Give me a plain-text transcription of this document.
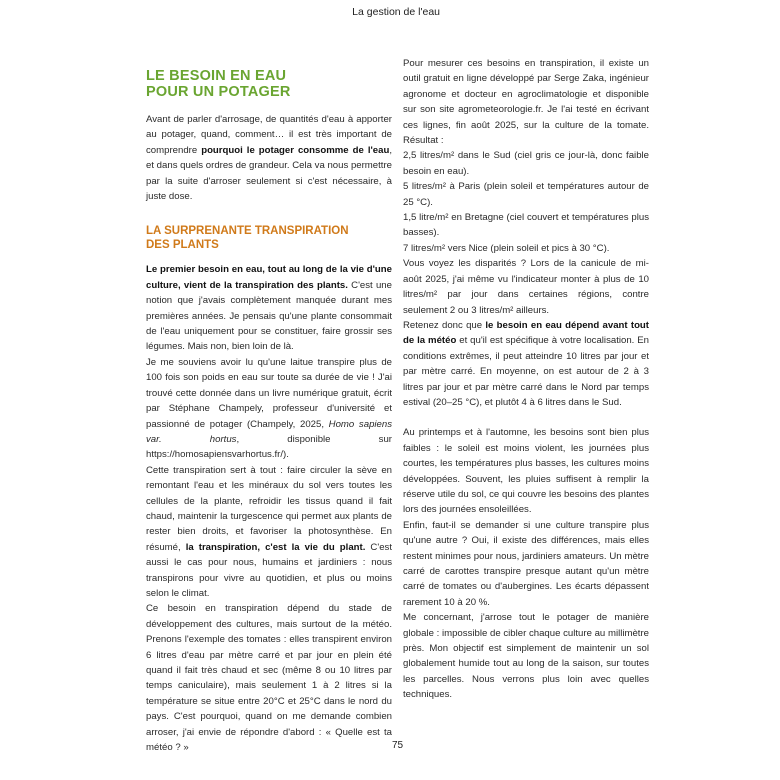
La gestion de l'eau
LE BESOIN EN EAU
POUR UN POTAGER

Avant de parler d'arrosage, de quantités d'eau à apporter au potager, quand, comment… il est très important de comprendre pourquoi le potager consomme de l'eau, et dans quels ordres de grandeur. Cela va nous permettre par la suite d'arroser seulement si c'est nécessaire, à juste dose.

LA SURPRENANTE TRANSPIRATION
DES PLANTS

Le premier besoin en eau, tout au long de la vie d'une culture, vient de la transpiration des plants. C'est une notion que j'avais complètement manquée durant mes premières années. Je pensais qu'une plante consommait de l'eau uniquement pour se constituer, faire grossir ses légumes. Mais non, bien loin de là.

Je me souviens avoir lu qu'une laitue transpire plus de 100 fois son poids en eau sur toute sa durée de vie ! J'ai trouvé cette donnée dans un livre numérique gratuit, écrit par Stéphane Champely, professeur d'université et passionné de potager (Champely, 2025, Homo sapiens var. hortus, disponible sur https://homosapiensvarhortus.fr/).

Cette transpiration sert à tout : faire circuler la sève en remontant l'eau et les minéraux du sol vers toutes les cellules de la plante, refroidir les tissus quand il fait chaud, maintenir la turgescence qui permet aux plants de rester bien droits, et favoriser la photosynthèse. En résumé, la transpiration, c'est la vie du plant. C'est aussi le cas pour nous, humains et jardiniers : nous transpirons pour vivre au quotidien, et plus ou moins selon le climat.

Ce besoin en transpiration dépend du stade de développement des cultures, mais surtout de la météo. Prenons l'exemple des tomates : elles transpirent environ 6 litres d'eau par mètre carré et par jour en plein été quand il fait très chaud et sec (même 8 ou 10 litres par temps caniculaire), mais seulement 1 à 2 litres si la température se situe entre 20°C et 25°C dans le nord du pays. C'est pourquoi, quand on me demande combien arroser, j'ai envie de répondre d'abord : « Quelle est ta météo ? »

Pour mesurer ces besoins en transpiration, il existe un outil gratuit en ligne développé par Serge Zaka, ingénieur agronome et docteur en agroclimatologie et disponible sur son site agrometeorologie.fr. Je l'ai testé en écrivant ces lignes, fin août 2025, sur la culture de la tomate. Résultat :

2,5 litres/m² dans le Sud (ciel gris ce jour-là, donc faible besoin en eau).

5 litres/m² à Paris (plein soleil et températures autour de 25 °C).

1,5 litre/m² en Bretagne (ciel couvert et températures plus basses).

7 litres/m² vers Nice (plein soleil et pics à 30 °C).

Vous voyez les disparités ? Lors de la canicule de mi-août 2025, j'ai même vu l'indicateur monter à plus de 10 litres/m² par jour dans certaines régions, contre seulement 2 ou 3 litres/m² ailleurs.

Retenez donc que le besoin en eau dépend avant tout de la météo et qu'il est spécifique à votre localisation. En conditions extrêmes, il peut atteindre 10 litres par jour et par mètre carré. En moyenne, on est autour de 2 à 3 litres par jour et par mètre carré dans le Nord par temps estival (20–25 °C), et plutôt 4 à 6 litres dans le Sud.

Au printemps et à l'automne, les besoins sont bien plus faibles : le soleil est moins violent, les journées plus courtes, les températures plus basses, les cultures moins développées. Souvent, les pluies suffisent à remplir la réserve utile du sol, ce qui couvre les besoins des plantes lors des journées ensoleillées.

Enfin, faut-il se demander si une culture transpire plus qu'une autre ? Oui, il existe des différences, mais elles restent minimes pour nous, jardiniers amateurs. Un mètre carré de carottes transpire presque autant qu'un mètre carré de tomates ou d'aubergines. Les écarts dépassent rarement 10 à 20 %.

Me concernant, j'arrose tout le potager de manière globale : impossible de cibler chaque culture au millimètre près. Mon objectif est simplement de maintenir un sol globalement humide tout au long de la saison, sur toutes les parcelles. Nous verrons plus loin avec quelles techniques.

75
